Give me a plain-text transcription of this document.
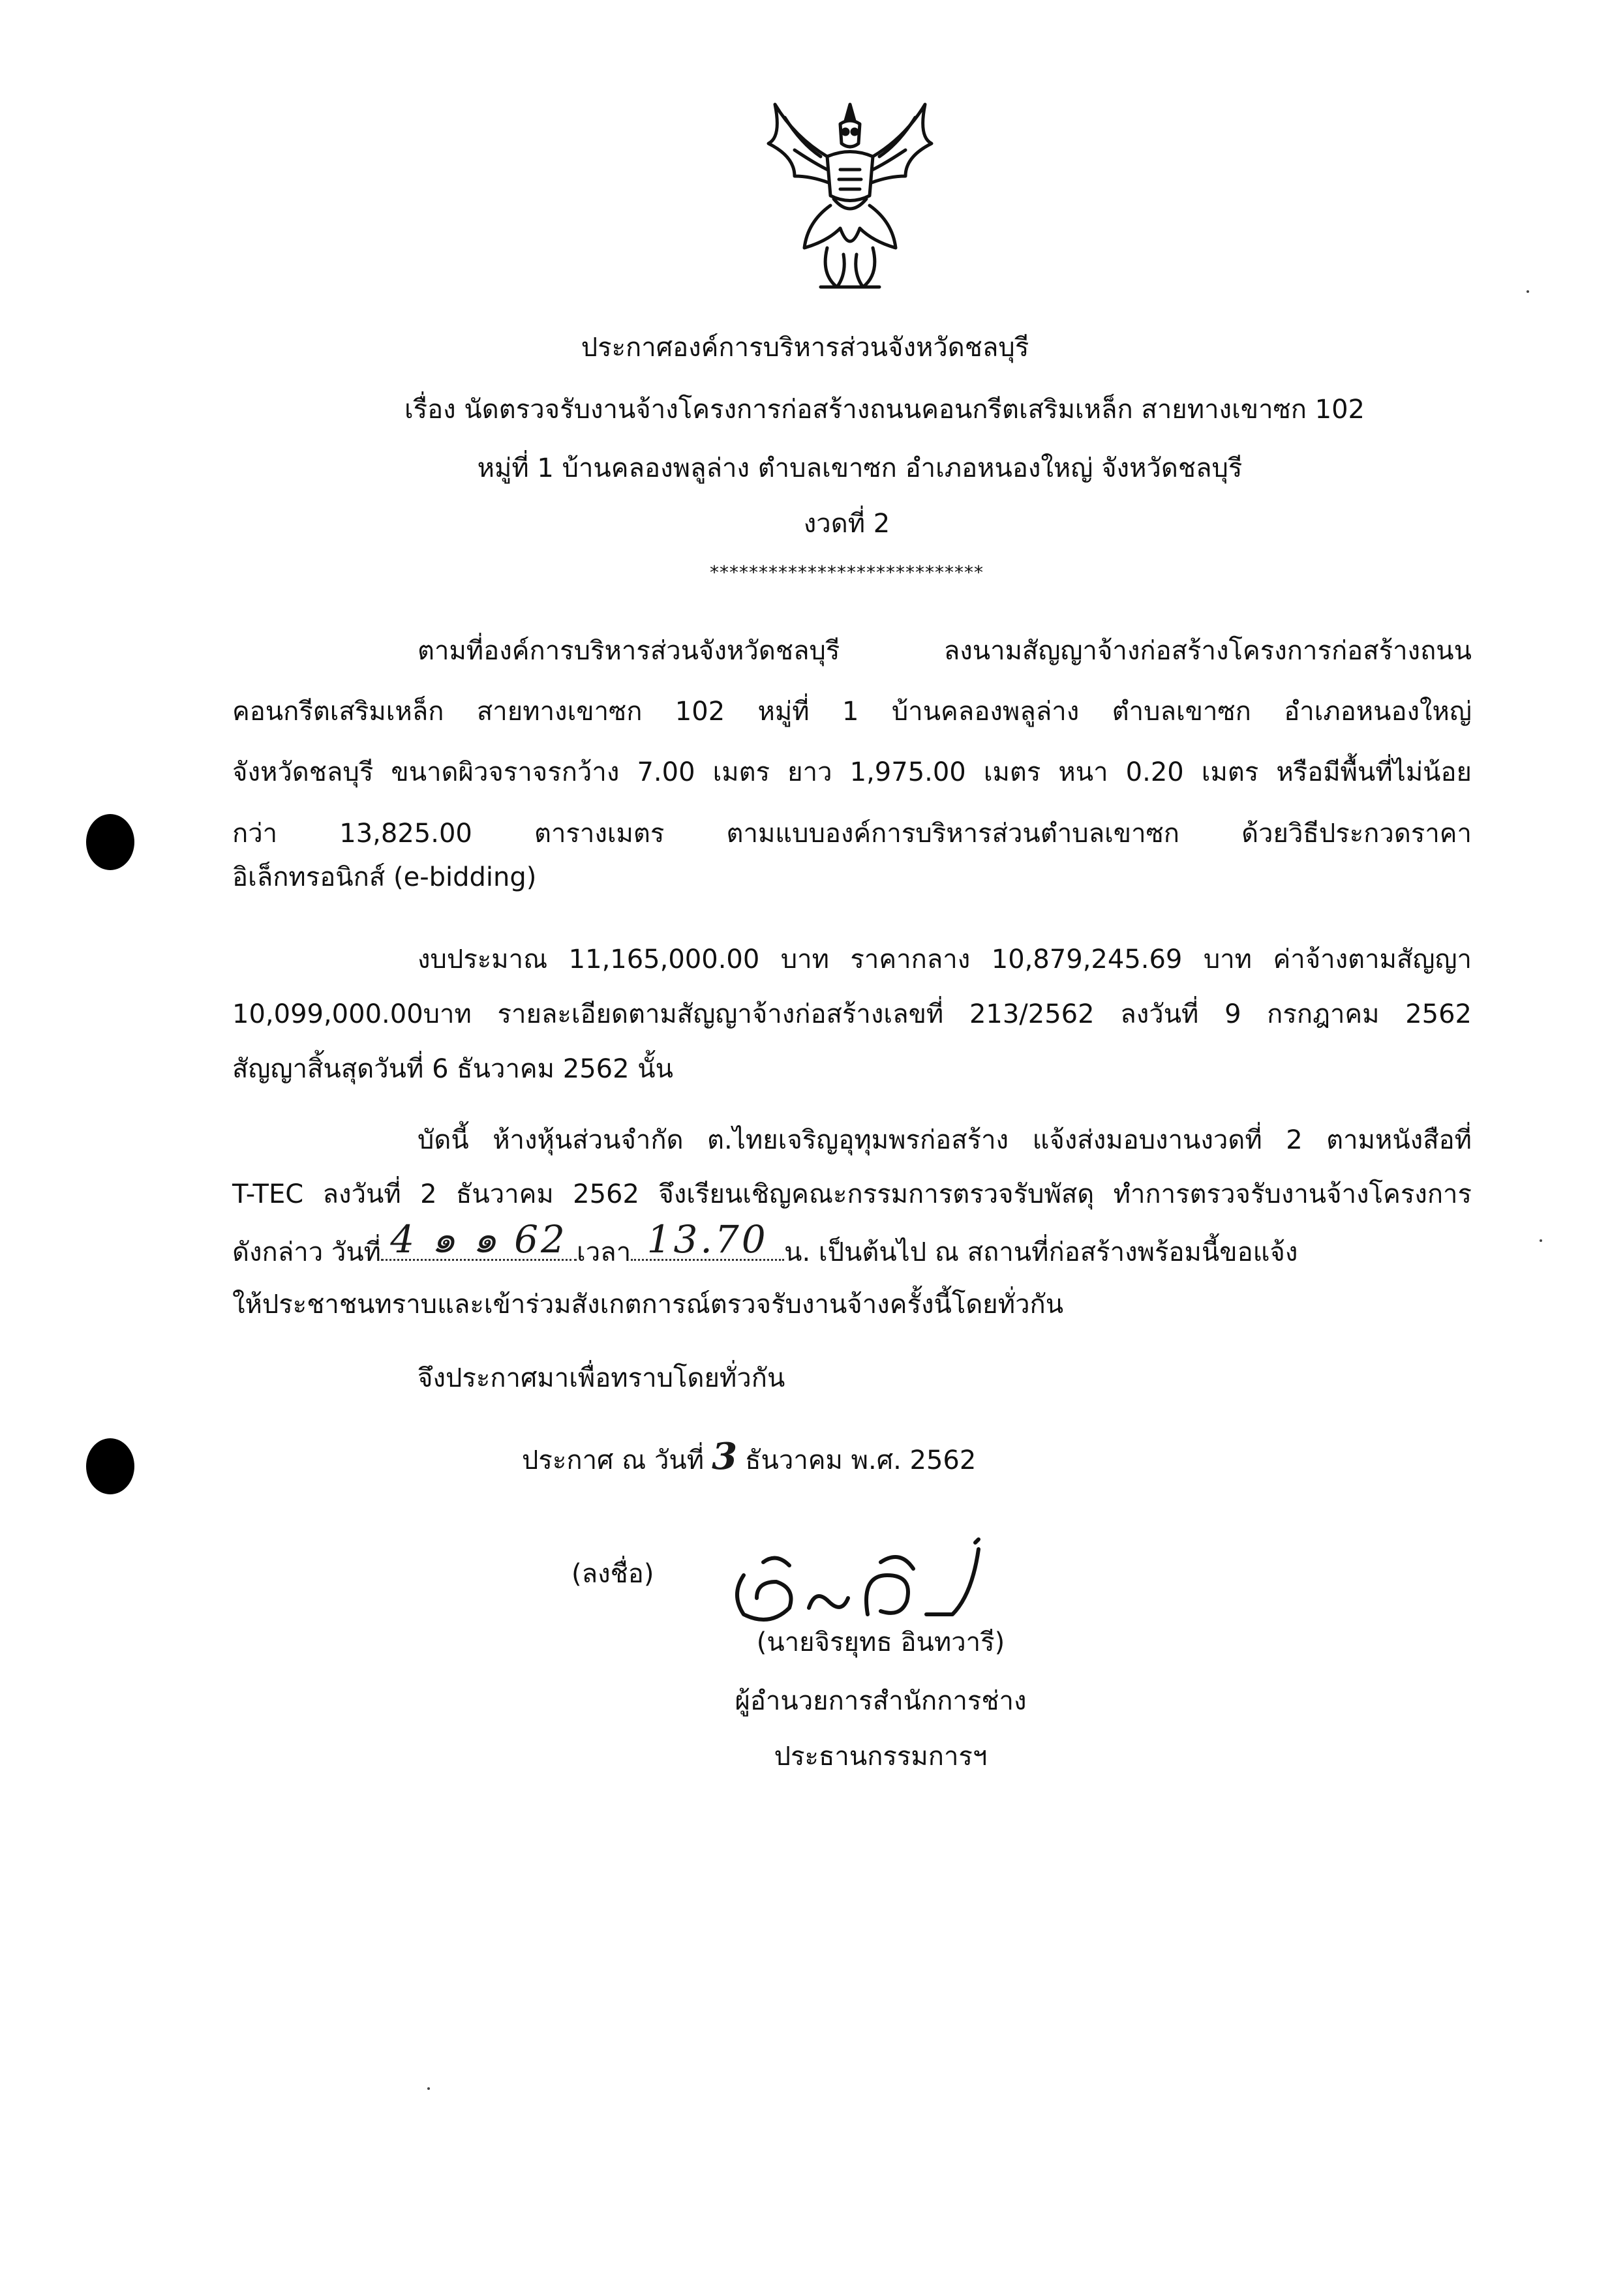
ประกาศองค์การบริหารส่วนจังหวัดชลบุรี
เรื่อง นัดตรวจรับงานจ้างโครงการก่อสร้างถนนคอนกรีตเสริมเหล็ก สายทางเขาซก 102
หมู่ที่ 1 บ้านคลองพลูล่าง ตำบลเขาซก อำเภอหนองใหญ่ จังหวัดชลบุรี
งวดที่ 2
****************************
ตามที่องค์การบริหารส่วนจังหวัดชลบุรี ลงนามสัญญาจ้างก่อสร้างโครงการก่อสร้างถนน
คอนกรีตเสริมเหล็ก สายทางเขาซก 102 หมู่ที่ 1 บ้านคลองพลูล่าง ตำบลเขาซก อำเภอหนองใหญ่
จังหวัดชลบุรี ขนาดผิวจราจรกว้าง 7.00 เมตร ยาว 1,975.00 เมตร หนา 0.20 เมตร หรือมีพื้นที่ไม่น้อย
กว่า 13,825.00 ตารางเมตร ตามแบบองค์การบริหารส่วนตำบลเขาซก ด้วยวิธีประกวดราคา
อิเล็กทรอนิกส์ (e-bidding)
งบประมาณ 11,165,000.00 บาท ราคากลาง 10,879,245.69 บาท ค่าจ้างตามสัญญา
10,099,000.00บาท รายละเอียดตามสัญญาจ้างก่อสร้างเลขที่ 213/2562 ลงวันที่ 9 กรกฎาคม 2562
สัญญาสิ้นสุดวันที่ 6 ธันวาคม 2562 นั้น
บัดนี้ ห้างหุ้นส่วนจำกัด ต.ไทยเจริญอุทุมพรก่อสร้าง แจ้งส่งมอบงานงวดที่ 2 ตามหนังสือที่
T-TEC ลงวันที่ 2 ธันวาคม 2562 จึงเรียนเชิญคณะกรรมการตรวจรับพัสดุ ทำการตรวจรับงานจ้างโครงการ
ดังกล่าว วันที่ 4 ๑ ๑ 62 เวลา 13.70 น. เป็นต้นไป ณ สถานที่ก่อสร้างพร้อมนี้ขอแจ้ง
ให้ประชาชนทราบและเข้าร่วมสังเกตการณ์ตรวจรับงานจ้างครั้งนี้โดยทั่วกัน
จึงประกาศมาเพื่อทราบโดยทั่วกัน
ประกาศ ณ วันที่ 3 ธันวาคม พ.ศ. 2562
(ลงชื่อ)
(นายจิรยุทธ อินทวารี)
ผู้อำนวยการสำนักการช่าง
ประธานกรรมการฯ
